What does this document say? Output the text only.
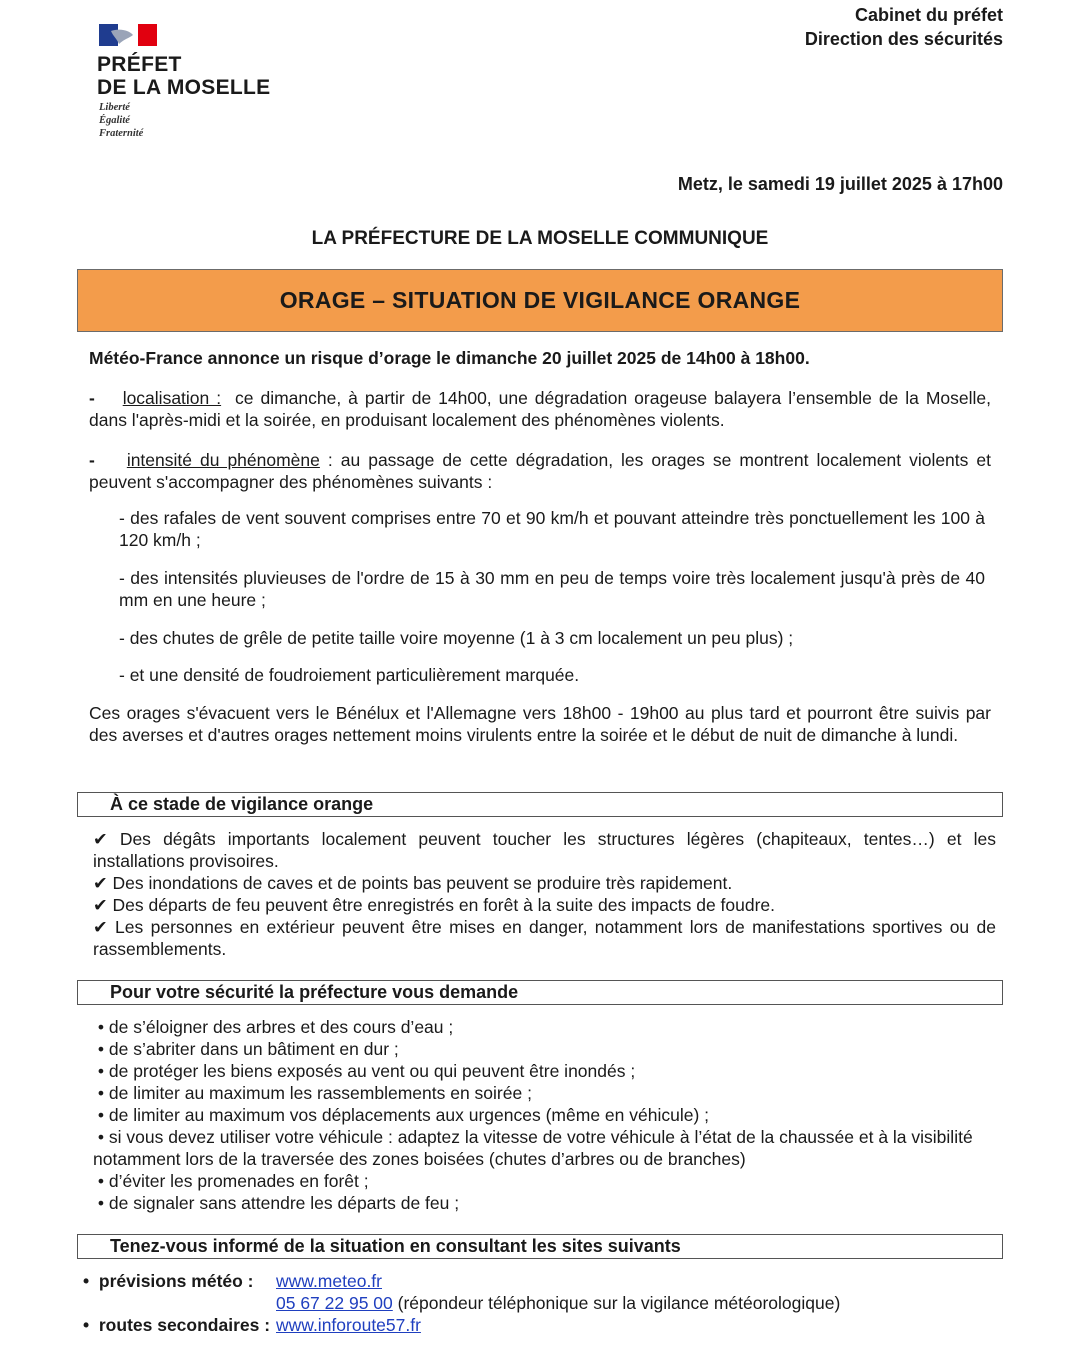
PRÉFET
DE LA MOSELLE
Liberté
Égalité
Fraternité
Cabinet du préfet
Direction des sécurités
Metz, le samedi 19 juillet 2025 à 17h00
LA PRÉFECTURE DE LA MOSELLE COMMUNIQUE
ORAGE – SITUATION DE VIGILANCE ORANGE
Météo-France annonce un risque d’orage le dimanche 20 juillet 2025 de 14h00 à 18h00.
- localisation : ce dimanche, à partir de 14h00, une dégradation orageuse balayera l’ensemble de la Moselle, dans l'après-midi et la soirée, en produisant localement des phénomènes violents.
- intensité du phénomène : au passage de cette dégradation, les orages se montrent localement violents et peuvent s'accompagner des phénomènes suivants :
- des rafales de vent souvent comprises entre 70 et 90 km/h et pouvant atteindre très ponctuellement les 100 à 120 km/h ;
- des intensités pluvieuses de l'ordre de 15 à 30 mm en peu de temps voire très localement jusqu'à près de 40 mm en une heure ;
- des chutes de grêle de petite taille voire moyenne (1 à 3 cm localement un peu plus) ;
- et une densité de foudroiement particulièrement marquée.
Ces orages s'évacuent vers le Bénélux et l'Allemagne vers 18h00 - 19h00 au plus tard et pourront être suivis par des averses et d'autres orages nettement moins virulents entre la soirée et le début de nuit de dimanche à lundi.
À ce stade de vigilance orange
✔ Des dégâts importants localement peuvent toucher les structures légères (chapiteaux, tentes…) et les installations provisoires.
✔ Des inondations de caves et de points bas peuvent se produire très rapidement.
✔ Des départs de feu peuvent être enregistrés en forêt à la suite des impacts de foudre.
✔ Les personnes en extérieur peuvent être mises en danger, notamment lors de manifestations sportives ou de rassemblements.
Pour votre sécurité la préfecture vous demande
• de s’éloigner des arbres et des cours d’eau ;
• de s’abriter dans un bâtiment en dur ;
• de protéger les biens exposés au vent ou qui peuvent être inondés ;
• de limiter au maximum les rassemblements en soirée ;
• de limiter au maximum vos déplacements aux urgences (même en véhicule) ;
• si vous devez utiliser votre véhicule : adaptez la vitesse de votre véhicule à l’état de la chaussée et à la visibilité notamment lors de la traversée des zones boisées (chutes d’arbres ou de branches)
• d’éviter les promenades en forêt ;
• de signaler sans attendre les départs de feu ;
Tenez-vous informé de la situation en consultant les sites suivants
•  prévisions météo : www.meteo.fr
05 67 22 95 00 (répondeur téléphonique sur la vigilance météorologique)
•  routes secondaires : www.inforoute57.fr
